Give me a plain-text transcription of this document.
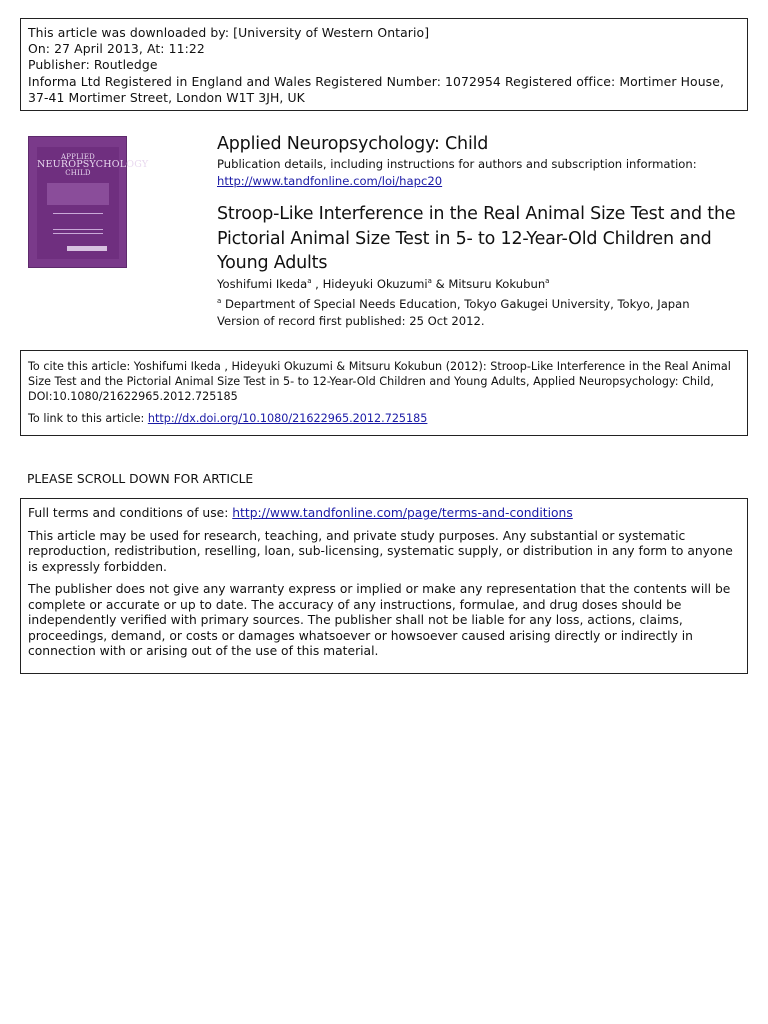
This article was downloaded by: [University of Western Ontario]
On: 27 April 2013, At: 11:22
Publisher: Routledge
Informa Ltd Registered in England and Wales Registered Number: 1072954 Registered office: Mortimer House,
37-41 Mortimer Street, London W1T 3JH, UK
APPLIED
NEUROPSYCHOLOGY
CHILD
Applied Neuropsychology: Child
Publication details, including instructions for authors and subscription information:
http://www.tandfonline.com/loi/hapc20
Stroop-Like Interference in the Real Animal Size Test and the Pictorial Animal Size Test in 5- to 12-Year-Old Children and Young Adults
Yoshifumi Ikeda$^a$ , Hideyuki Okuzumi$^a$ & Mitsuru Kokubun$^a$
$^a$ Department of Special Needs Education, Tokyo Gakugei University, Tokyo, Japan
Version of record first published: 25 Oct 2012.
To cite this article: Yoshifumi Ikeda , Hideyuki Okuzumi & Mitsuru Kokubun (2012): Stroop-Like Interference in the Real Animal Size Test and the Pictorial Animal Size Test in 5- to 12-Year-Old Children and Young Adults, Applied Neuropsychology: Child, DOI:10.1080/21622965.2012.725185
To link to this article: http://dx.doi.org/10.1080/21622965.2012.725185
PLEASE SCROLL DOWN FOR ARTICLE

Full terms and conditions of use: http://www.tandfonline.com/page/terms-and-conditions

This article may be used for research, teaching, and private study purposes. Any substantial or systematic reproduction, redistribution, reselling, loan, sub-licensing, systematic supply, or distribution in any form to anyone is expressly forbidden.

The publisher does not give any warranty express or implied or make any representation that the contents will be complete or accurate or up to date. The accuracy of any instructions, formulae, and drug doses should be independently verified with primary sources. The publisher shall not be liable for any loss, actions, claims, proceedings, demand, or costs or damages whatsoever or howsoever caused arising directly or indirectly in connection with or arising out of the use of this material.
